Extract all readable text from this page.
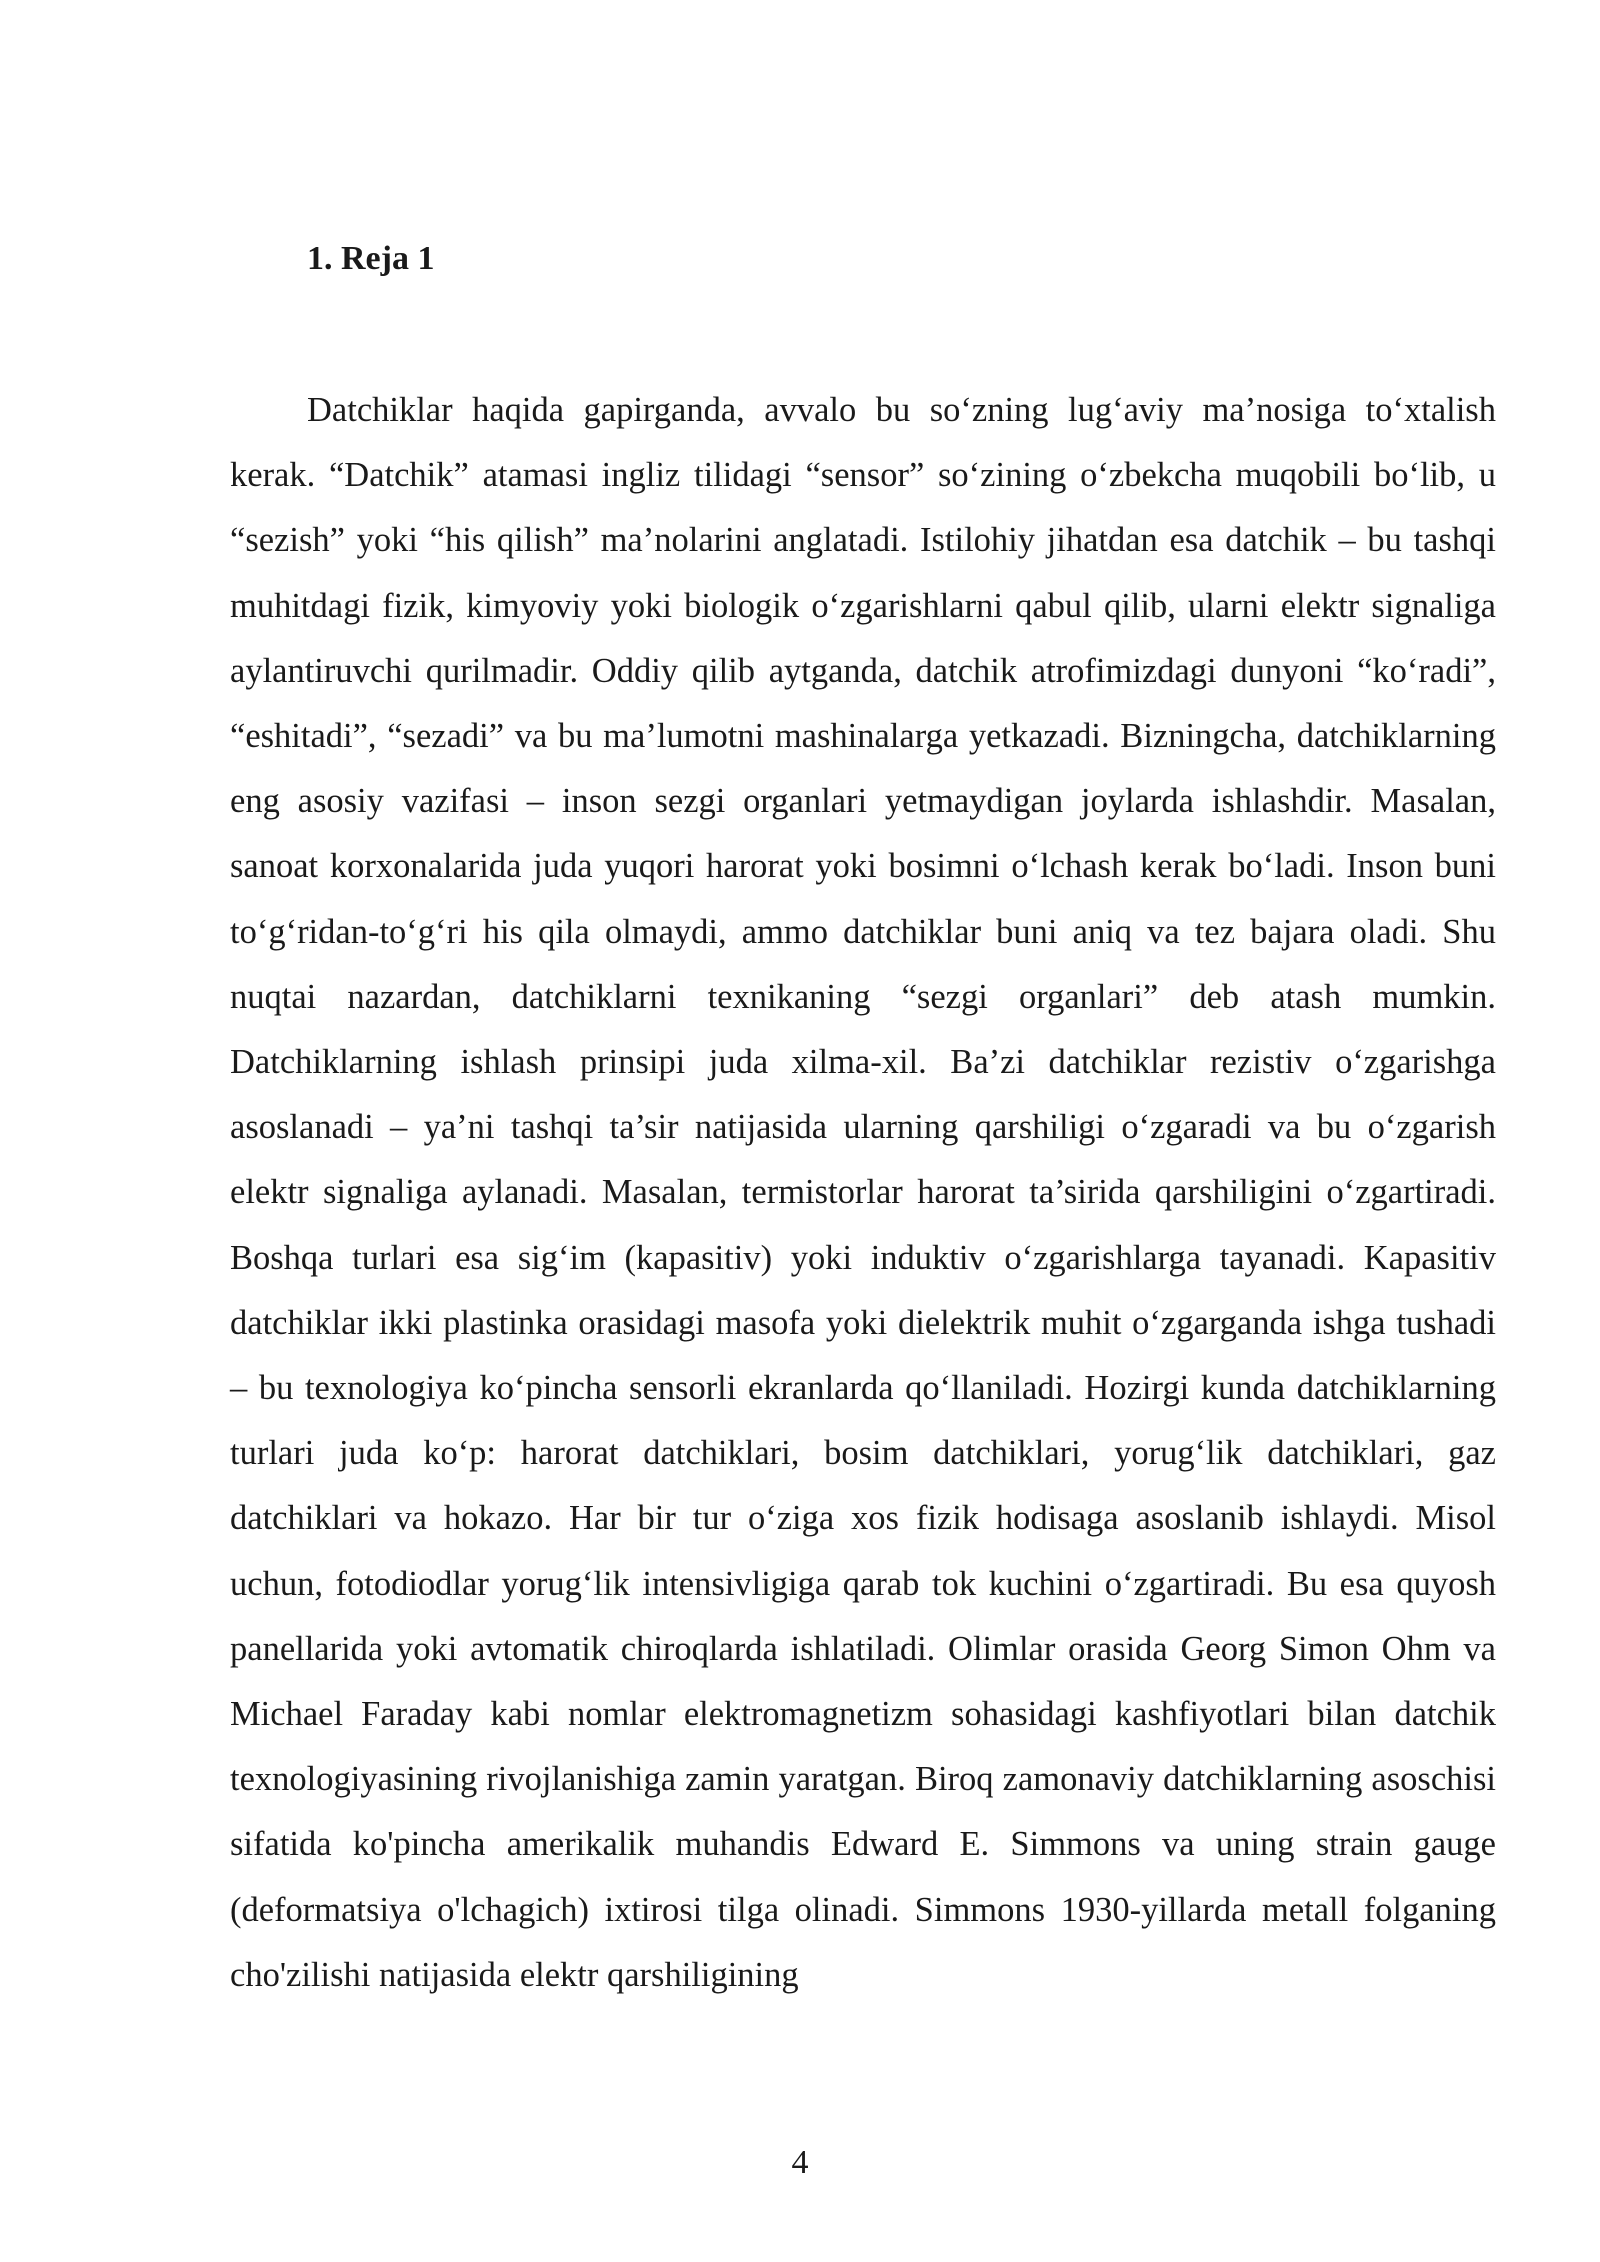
1. Reja 1

Datchiklar haqida gapirganda, avvalo bu so‘zning lug‘aviy ma’nosiga to‘xtalish kerak. “Datchik” atamasi ingliz tilidagi “sensor” so‘zining o‘zbekcha muqobili bo‘lib, u “sezish” yoki “his qilish” ma’nolarini anglatadi. Istilohiy jihatdan esa datchik – bu tashqi muhitdagi fizik, kimyoviy yoki biologik o‘zgarishlarni qabul qilib, ularni elektr signaliga aylantiruvchi qurilmadir. Oddiy qilib aytganda, datchik atrofimizdagi dunyoni “ko‘radi”, “eshitadi”, “sezadi” va bu ma’lumotni mashinalarga yetkazadi. Bizningcha, datchiklarning eng asosiy vazifasi – inson sezgi organlari yetmaydigan joylarda ishlashdir. Masalan, sanoat korxonalarida juda yuqori harorat yoki bosimni o‘lchash kerak bo‘ladi. Inson buni to‘g‘ridan-to‘g‘ri his qila olmaydi, ammo datchiklar buni aniq va tez bajara oladi. Shu nuqtai nazardan, datchiklarni texnikaning “sezgi organlari” deb atash mumkin. Datchiklarning ishlash prinsipi juda xilma-xil. Ba’zi datchiklar rezistiv o‘zgarishga asoslanadi – ya’ni tashqi ta’sir natijasida ularning qarshiligi o‘zgaradi va bu o‘zgarish elektr signaliga aylanadi. Masalan, termistorlar harorat ta’sirida qarshiligini o‘zgartiradi. Boshqa turlari esa sig‘im (kapasitiv) yoki induktiv o‘zgarishlarga tayanadi. Kapasitiv datchiklar ikki plastinka orasidagi masofa yoki dielektrik muhit o‘zgarganda ishga tushadi – bu texnologiya ko‘pincha sensorli ekranlarda qo‘llaniladi. Hozirgi kunda datchiklarning turlari juda ko‘p: harorat datchiklari, bosim datchiklari, yorug‘lik datchiklari, gaz datchiklari va hokazo. Har bir tur o‘ziga xos fizik hodisaga asoslanib ishlaydi. Misol uchun, fotodiodlar yorug‘lik intensivligiga qarab tok kuchini o‘zgartiradi. Bu esa quyosh panellarida yoki avtomatik chiroqlarda ishlatiladi. Olimlar orasida Georg Simon Ohm va Michael Faraday kabi nomlar elektromagnetizm sohasidagi kashfiyotlari bilan datchik texnologiyasining rivojlanishiga zamin yaratgan. Biroq zamonaviy datchiklarning asoschisi sifatida ko'pincha amerikalik muhandis Edward E. Simmons va uning strain gauge (deformatsiya o'lchagich) ixtirosi tilga olinadi. Simmons 1930-yillarda metall folganing cho'zilishi natijasida elektr qarshiligining

4
